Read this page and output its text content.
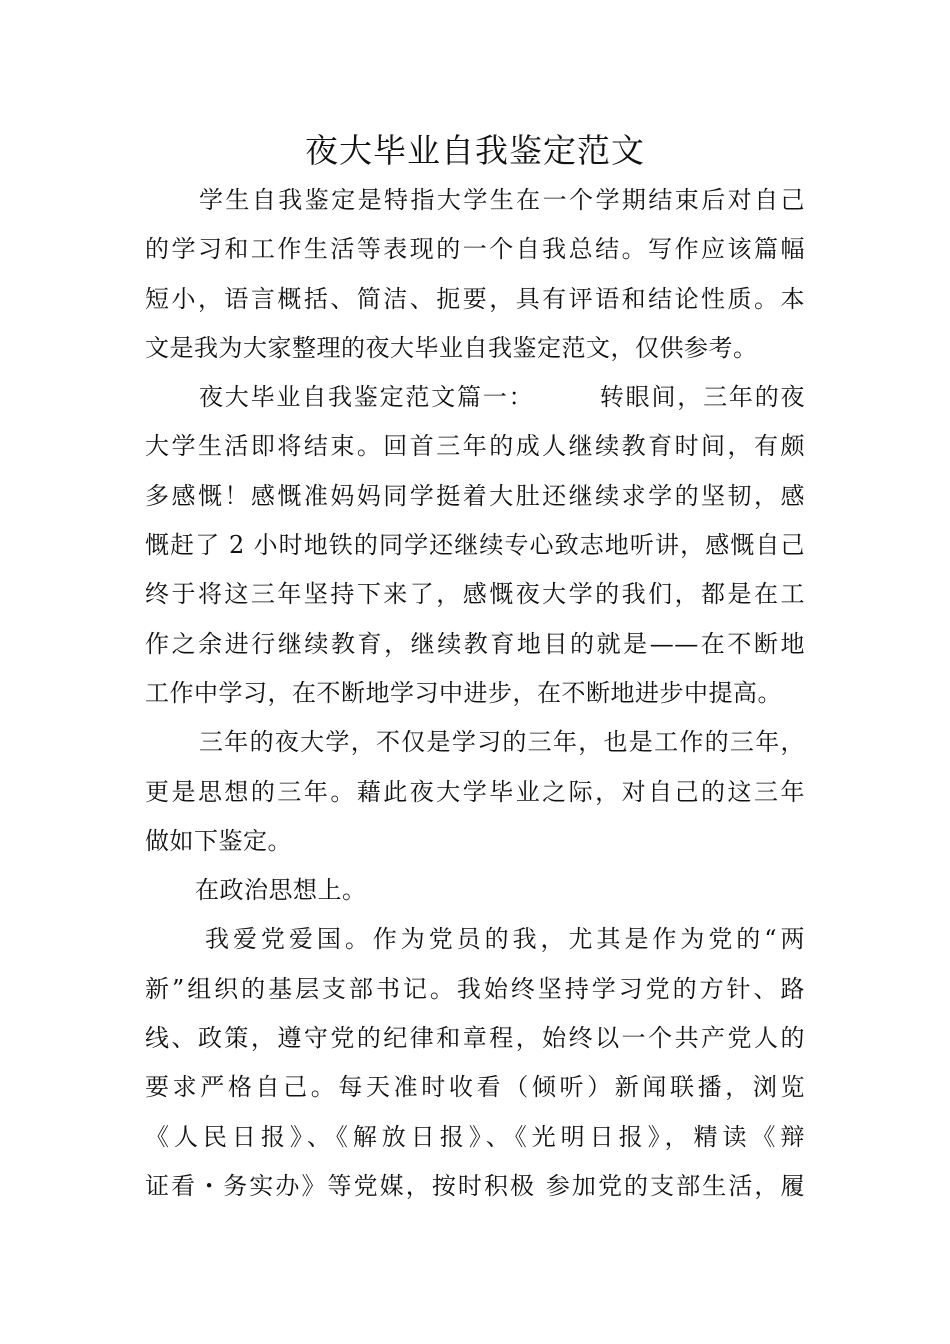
夜大毕业自我鉴定范文
学生自我鉴定是特指大学生在一个学期结束后对自己
的学习和工作生活等表现的一个自我总结。写作应该篇幅
短小，语言概括、简洁、扼要，具有评语和结论性质。本
文是我为大家整理的夜大毕业自我鉴定范文，仅供参考。
夜大毕业自我鉴定范文篇一：　　　转眼间，三年的夜
大学生活即将结束。回首三年的成人继续教育时间，有颇
多感慨！感慨准妈妈同学挺着大肚还继续求学的坚韧，感
慨赶了 2 小时地铁的同学还继续专心致志地听讲，感慨自己
终于将这三年坚持下来了，感慨夜大学的我们，都是在工
作之余进行继续教育，继续教育地目的就是——在不断地
工作中学习，在不断地学习中进步，在不断地进步中提高。
三年的夜大学，不仅是学习的三年，也是工作的三年，
更是思想的三年。藉此夜大学毕业之际，对自己的这三年
做如下鉴定。
在政治思想上。
我爱党爱国。作为党员的我，尤其是作为党的“两
新”组织的基层支部书记。我始终坚持学习党的方针、路
线、政策，遵守党的纪律和章程，始终以一个共产党人的
要求严格自己。每天准时收看（倾听）新闻联播，浏览
《人民日报》、《解放日报》、《光明日报》，精读《辩
证看・务实办》等党媒，按时积极 参加党的支部生活，履
